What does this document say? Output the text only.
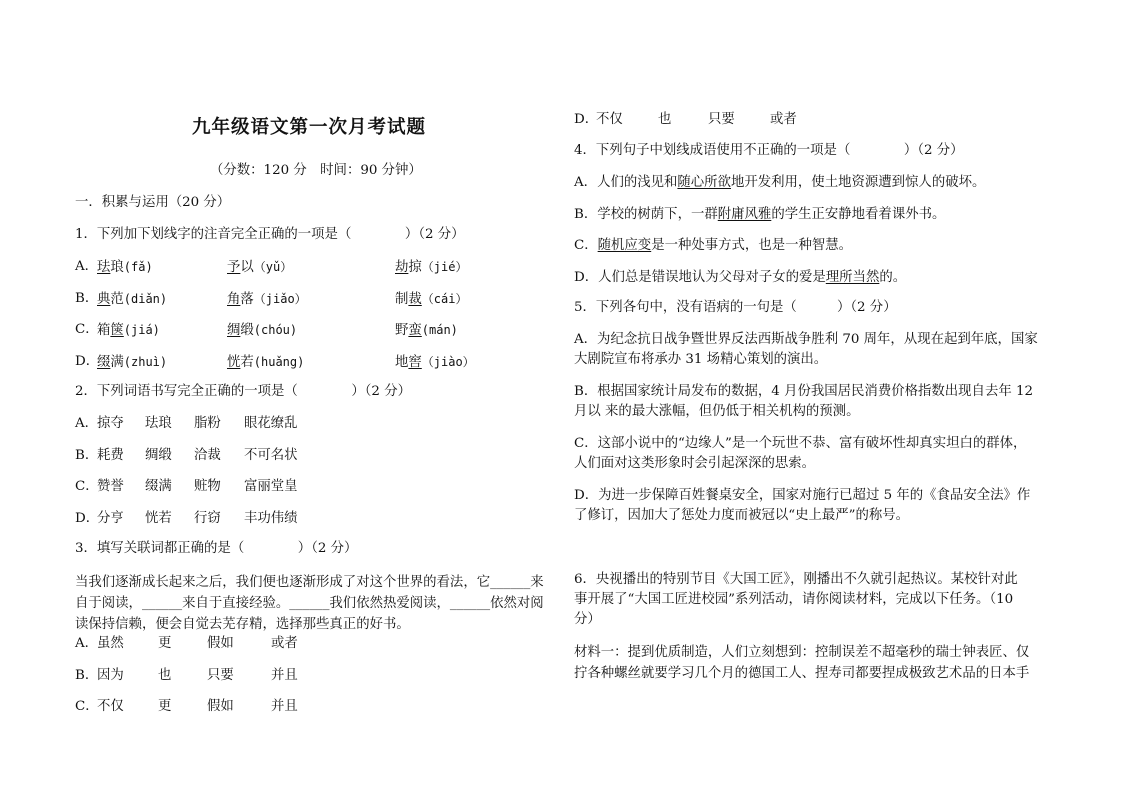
九年级语文第一次月考试题
（分数：120 分　时间：90 分钟）
一．积累与运用（20 分）
1．下列加下划线字的注音完全正确的一项是（　　　　）（2 分）
A．
珐琅(fǎ)	予以（yǔ）	劫掠（jié）
B．
典范(diǎn)	角落（jiǎo）	制裁（cái）
C．
箱箧(jiá)	绸缎(chóu)	野蛮(mán)
D．
缀满(zhuì)	恍若(huǎng)	地窖（jiào）
2．下列词语书写完全正确的一项是（　　　　）（2 分）
A．
掠夺 珐琅 脂粉 眼花缭乱
B．
耗费 绸缎 洽裁 不可名状
C．
赞誉 缀满 赃物 富丽堂皇
D．
分亨 恍若 行窃 丰功伟绩
3．填写关联词都正确的是（　　　　）（2 分）
当我们逐渐成长起来之后，我们便也逐渐形成了对这个世界的看法，它______来自于阅读，______来自于直接经验。______我们依然热爱阅读，______依然对阅读保持信赖，便会自觉去芜存精，选择那些真正的好书。
A．
虽然	更	假如	或者
B．
因为	也	只要	并且
C．
不仅	更	假如	并且
D．
不仅	也	只要	或者
4．下列句子中划线成语使用不正确的一项是（　　　　）（2 分）
A．人们的浅见和随心所欲地开发利用，使土地资源遭到惊人的破坏。
B．学校的树荫下，一群附庸风雅的学生正安静地看着课外书。
C．随机应变是一种处事方式，也是一种智慧。
D．人们总是错误地认为父母对子女的爱是理所当然的。
5．下列各句中，没有语病的一句是（　　　）（2 分）
A．为纪念抗日战争暨世界反法西斯战争胜利 70 周年，从现在起到年底，国家
大剧院宣布将承办 31 场精心策划的演出。
B．根据国家统计局发布的数据，4 月份我国居民消费价格指数出现自去年 12
月以 来的最大涨幅，但仍低于相关机构的预测。
C．这部小说中的“边缘人”是一个玩世不恭、富有破坏性却真实坦白的群体，
人们面对这类形象时会引起深深的思索。
D．为进一步保障百姓餐桌安全，国家对施行已超过 5 年的《食品安全法》作
了修订，因加大了惩处力度而被冠以“史上最严”的称号。
6．央视播出的特别节目《大国工匠》，刚播出不久就引起热议。某校针对此
事开展了“大国工匠进校园”系列活动，请你阅读材料，完成以下任务。（10
分）
材料一：提到优质制造，人们立刻想到：控制误差不超毫秒的瑞士钟表匠、仅
拧各种螺丝就要学习几个月的德国工人、捏寿司都要捏成极致艺术品的日本手
